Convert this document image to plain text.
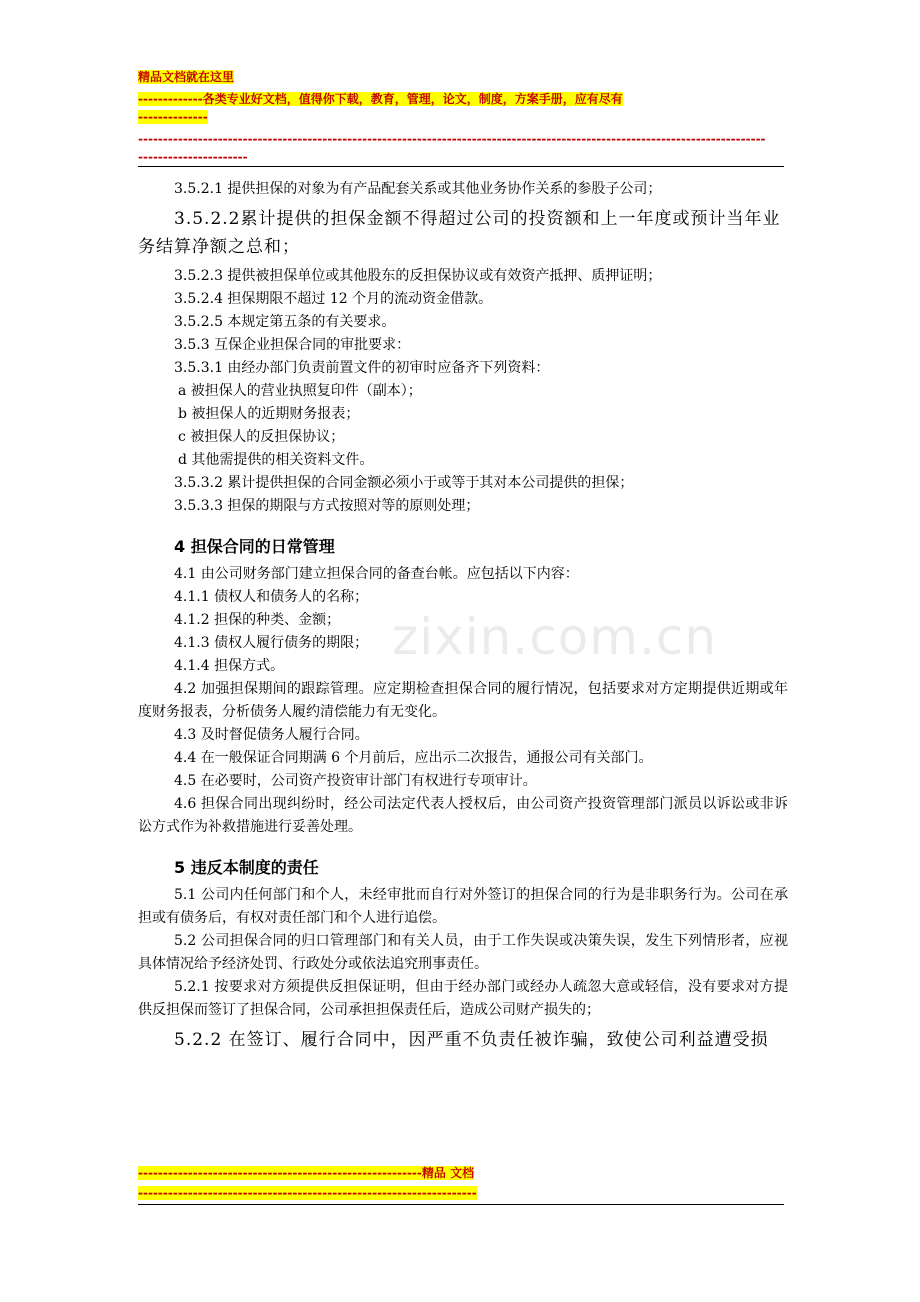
精品文档就在这里
-------------各类专业好文档，值得你下载，教育，管理，论文，制度，方案手册，应有尽有
--------------
------------------------------------------------------------------------------------------------------------------------------
----------------------
zixin.com.cn

3.5.2.1 提供担保的对象为有产品配套关系或其他业务协作关系的参股子公司；

3.5.2.2累计提供的担保金额不得超过公司的投资额和上一年度或预计当年业务结算净额之总和；

3.5.2.3 提供被担保单位或其他股东的反担保协议或有效资产抵押、质押证明；

3.5.2.4 担保期限不超过 12 个月的流动资金借款。

3.5.2.5 本规定第五条的有关要求。

3.5.3 互保企业担保合同的审批要求：

3.5.3.1 由经办部门负责前置文件的初审时应备齐下列资料：

a 被担保人的营业执照复印件（副本）；

b 被担保人的近期财务报表；

c 被担保人的反担保协议；

d 其他需提供的相关资料文件。

3.5.3.2 累计提供担保的合同金额必须小于或等于其对本公司提供的担保；

3.5.3.3 担保的期限与方式按照对等的原则处理；

4 担保合同的日常管理

4.1 由公司财务部门建立担保合同的备查台帐。应包括以下内容：

4.1.1 债权人和债务人的名称；

4.1.2 担保的种类、金额；

4.1.3 债权人履行债务的期限；

4.1.4 担保方式。

4.2 加强担保期间的跟踪管理。应定期检查担保合同的履行情况，包括要求对方定期提供近期或年度财务报表，分析债务人履约清偿能力有无变化。

4.3 及时督促债务人履行合同。

4.4 在一般保证合同期满 6 个月前后，应出示二次报告，通报公司有关部门。

4.5 在必要时，公司资产投资审计部门有权进行专项审计。

4.6 担保合同出现纠纷时，经公司法定代表人授权后，由公司资产投资管理部门派员以诉讼或非诉讼方式作为补救措施进行妥善处理。

5 违反本制度的责任

5.1 公司内任何部门和个人，未经审批而自行对外签订的担保合同的行为是非职务行为。公司在承担或有债务后，有权对责任部门和个人进行追偿。

5.2 公司担保合同的归口管理部门和有关人员，由于工作失误或决策失误，发生下列情形者，应视具体情况给予经济处罚、行政处分或依法追究刑事责任。

5.2.1 按要求对方须提供反担保证明，但由于经办部门或经办人疏忽大意或轻信，没有要求对方提供反担保而签订了担保合同，公司承担担保责任后，造成公司财产损失的；

5.2.2 在签订、履行合同中，因严重不负责任被诈骗，致使公司利益遭受损

---------------------------------------------------------精品 文档
--------------------------------------------------------------------
